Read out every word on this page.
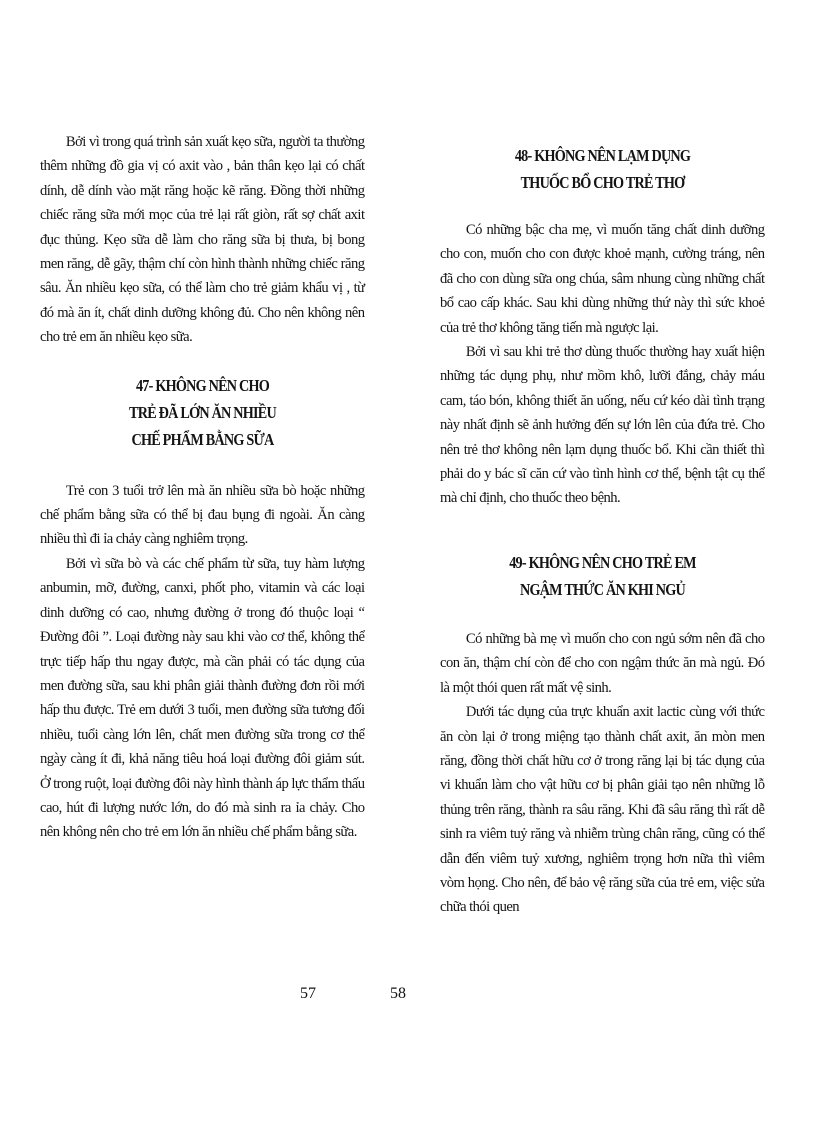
Bởi vì trong quá trình sản xuất kẹo sữa, người ta thường thêm những đồ gia vị có axit vào , bản thân kẹo lại có chất dính, dễ dính vào mặt răng hoặc kẽ răng. Đồng thời những chiếc răng sữa mới mọc của trẻ lại rất giòn, rất sợ chất axit đục thủng. Kẹo sữa dễ làm cho răng sữa bị thưa, bị bong men răng, dễ gãy, thậm chí còn hình thành những chiếc răng sâu. Ăn nhiều kẹo sữa, có thể làm cho trẻ giảm khẩu vị , từ đó mà ăn ít, chất dinh dưỡng không đủ. Cho nên không nên cho trẻ em ăn nhiều kẹo sữa.

47- KHÔNG NÊN CHO
TRẺ ĐÃ LỚN ĂN NHIỀU
CHẾ PHẨM BẰNG SỮA

Trẻ con 3 tuổi trở lên mà ăn nhiều sữa bò hoặc những chế phẩm bằng sữa có thể bị đau bụng đi ngoài. Ăn càng nhiều thì đi ỉa chảy càng nghiêm trọng.

Bởi vì sữa bò và các chế phẩm từ sữa, tuy hàm lượng anbumin, mỡ, đường, canxi, phốt pho, vitamin và các loại dinh dưỡng có cao, nhưng đường ở trong đó thuộc loại “ Đường đôi ”. Loại đường này sau khi vào cơ thể, không thể trực tiếp hấp thu ngay được, mà cần phải có tác dụng của men đường sữa, sau khi phân giải thành đường đơn rồi mới hấp thu được. Trẻ em dưới 3 tuổi, men đường sữa tương đối nhiều, tuổi càng lớn lên, chất men đường sữa trong cơ thể ngày càng ít đi, khả năng tiêu hoá loại đường đôi giảm sút. Ở trong ruột, loại đường đôi này hình thành áp lực thẩm thấu cao, hút đi lượng nước lớn, do đó mà sinh ra ỉa chảy. Cho nên không nên cho trẻ em lớn ăn nhiều chế phẩm bằng sữa.

48- KHÔNG NÊN LẠM DỤNG
THUỐC BỔ CHO TRẺ THƠ

Có những bậc cha mẹ, vì muốn tăng chất dinh dưỡng cho con, muốn cho con được khoẻ mạnh, cường tráng, nên đã cho con dùng sữa ong chúa, sâm nhung cùng những chất bổ cao cấp khác. Sau khi dùng những thứ này thì sức khoẻ của trẻ thơ không tăng tiến mà ngược lại.

Bởi vì sau khi trẻ thơ dùng thuốc thường hay xuất hiện những tác dụng phụ, như mồm khô, lưỡi đắng, chảy máu cam, táo bón, không thiết ăn uống, nếu cứ kéo dài tình trạng này nhất định sẽ ảnh hưởng đến sự lớn lên của đứa trẻ. Cho nên trẻ thơ không nên lạm dụng thuốc bổ. Khi cần thiết thì phải do y bác sĩ căn cứ vào tình hình cơ thể, bệnh tật cụ thể mà chỉ định, cho thuốc theo bệnh.

49- KHÔNG NÊN CHO TRẺ EM
NGẬM THỨC ĂN KHI NGỦ

Có những bà mẹ vì muốn cho con ngủ sớm nên đã cho con ăn, thậm chí còn để cho con ngậm thức ăn mà ngủ. Đó là một thói quen rất mất vệ sinh.

Dưới tác dụng của trực khuẩn axit lactic cùng với thức ăn còn lại ở trong miệng tạo thành chất axit, ăn mòn men răng, đồng thời chất hữu cơ ở trong răng lại bị tác dụng của vi khuẩn làm cho vật hữu cơ bị phân giải tạo nên những lỗ thủng trên răng, thành ra sâu răng. Khi đã sâu răng thì rất dễ sinh ra viêm tuỷ răng và nhiễm trùng chân răng, cũng có thể dẫn đến viêm tuỷ xương, nghiêm trọng hơn nữa thì viêm vòm họng. Cho nên, để bảo vệ răng sữa của trẻ em, việc sửa chữa thói quen

57	58
